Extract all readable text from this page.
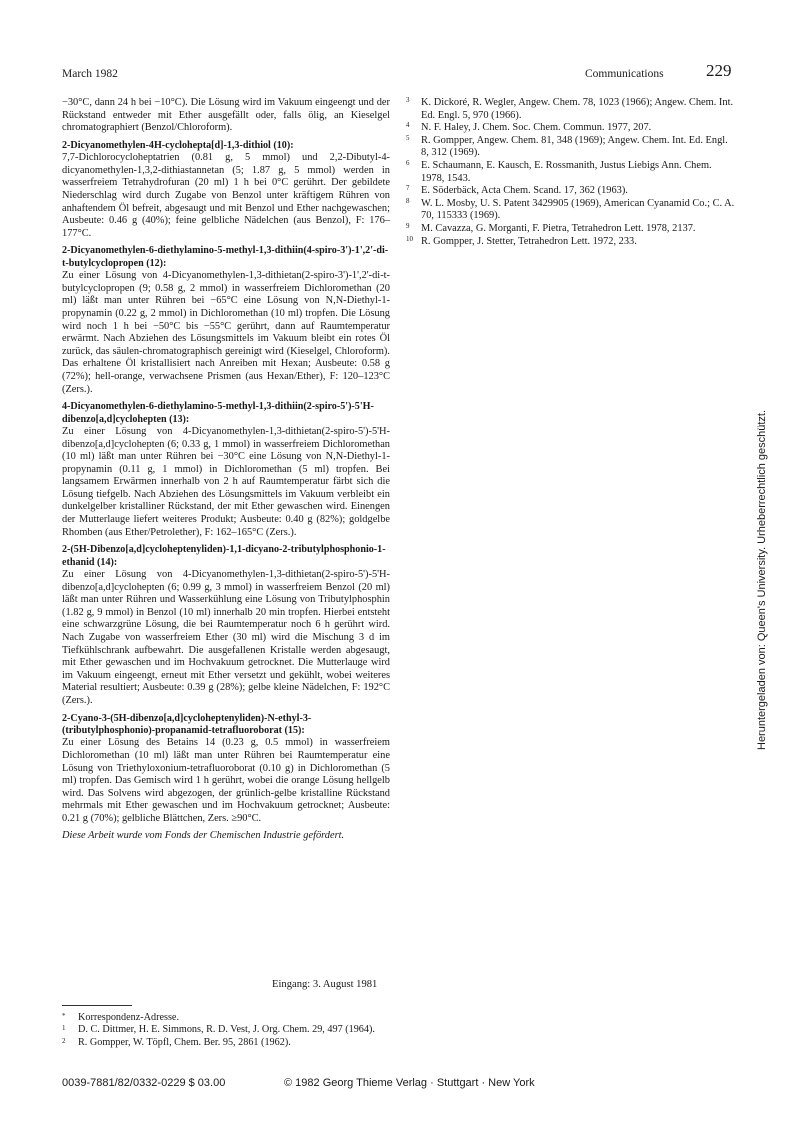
March 1982	Communications 229

−30°C, dann 24 h bei −10°C). Die Lösung wird im Vakuum eingeengt und der Rückstand entweder mit Ether ausgefällt oder, falls ölig, an Kieselgel chromatographiert (Benzol/Chloroform).

2-Dicyanomethylen-4H-cyclohepta[d]-1,3-dithiol (10):

7,7-Dichlorocycloheptatrien (0.81 g, 5 mmol) und 2,2-Dibutyl-4-dicyanomethylen-1,3,2-dithiastannetan (5; 1.87 g, 5 mmol) werden in wasserfreiem Tetrahydrofuran (20 ml) 1 h bei 0°C gerührt. Der gebildete Niederschlag wird durch Zugabe von Benzol unter kräftigem Rühren von anhaftendem Öl befreit, abgesaugt und mit Benzol und Ether nachgewaschen; Ausbeute: 0.46 g (40%); feine gelbliche Nädelchen (aus Benzol), F: 176–177°C.

2-Dicyanomethylen-6-diethylamino-5-methyl-1,3-dithiin(4-spiro-3')-1',2'-di-t-butylcyclopropen (12):

Zu einer Lösung von 4-Dicyanomethylen-1,3-dithietan(2-spiro-3')-1',2'-di-t-butylcyclopropen (9; 0.58 g, 2 mmol) in wasserfreiem Dichloromethan (20 ml) läßt man unter Rühren bei −65°C eine Lösung von N,N-Diethyl-1-propynamin (0.22 g, 2 mmol) in Dichloromethan (10 ml) tropfen. Die Lösung wird noch 1 h bei −50°C bis −55°C gerührt, dann auf Raumtemperatur erwärmt. Nach Abziehen des Lösungsmittels im Vakuum bleibt ein rotes Öl zurück, das säulen-chromatographisch gereinigt wird (Kieselgel, Chloroform). Das erhaltene Öl kristallisiert nach Anreiben mit Hexan; Ausbeute: 0.58 g (72%); hell-orange, verwachsene Prismen (aus Hexan/Ether), F: 120–123°C (Zers.).

4-Dicyanomethylen-6-diethylamino-5-methyl-1,3-dithiin(2-spiro-5')-5'H-dibenzo[a,d]cyclohepten (13):

Zu einer Lösung von 4-Dicyanomethylen-1,3-dithietan(2-spiro-5')-5'H-dibenzo[a,d]cyclohepten (6; 0.33 g, 1 mmol) in wasserfreiem Dichloromethan (10 ml) läßt man unter Rühren bei −30°C eine Lösung von N,N-Diethyl-1-propynamin (0.11 g, 1 mmol) in Dichloromethan (5 ml) tropfen. Bei langsamem Erwärmen innerhalb von 2 h auf Raumtemperatur färbt sich die Lösung tiefgelb. Nach Abziehen des Lösungsmittels im Vakuum verbleibt ein dunkelgelber kristalliner Rückstand, der mit Ether gewaschen wird. Einengen der Mutterlauge liefert weiteres Produkt; Ausbeute: 0.40 g (82%); goldgelbe Rhomben (aus Ether/Petrolether), F: 162–165°C (Zers.).

2-(5H-Dibenzo[a,d]cycloheptenyliden)-1,1-dicyano-2-tributylphosphonio-1-ethanid (14):

Zu einer Lösung von 4-Dicyanomethylen-1,3-dithietan(2-spiro-5')-5'H-dibenzo[a,d]cyclohepten (6; 0.99 g, 3 mmol) in wasserfreiem Benzol (20 ml) läßt man unter Rühren und Wasserkühlung eine Lösung von Tributylphosphin (1.82 g, 9 mmol) in Benzol (10 ml) innerhalb 20 min tropfen. Hierbei entsteht eine schwarzgrüne Lösung, die bei Raumtemperatur noch 6 h gerührt wird. Nach Zugabe von wasserfreiem Ether (30 ml) wird die Mischung 3 d im Tiefkühlschrank aufbewahrt. Die ausgefallenen Kristalle werden abgesaugt, mit Ether gewaschen und im Hochvakuum getrocknet. Die Mutterlauge wird im Vakuum eingeengt, erneut mit Ether versetzt und gekühlt, wobei weiteres Material resultiert; Ausbeute: 0.39 g (28%); gelbe kleine Nädelchen, F: 192°C (Zers.).

2-Cyano-3-(5H-dibenzo[a,d]cycloheptenyliden)-N-ethyl-3-(tributylphosphonio)-propanamid-tetrafluoroborat (15):

Zu einer Lösung des Betains 14 (0.23 g, 0.5 mmol) in wasserfreiem Dichloromethan (10 ml) läßt man unter Rühren bei Raumtemperatur eine Lösung von Triethyloxonium-tetrafluoroborat (0.10 g) in Dichloromethan (5 ml) tropfen. Das Gemisch wird 1 h gerührt, wobei die orange Lösung hellgelb wird. Das Solvens wird abgezogen, der grünlich-gelbe kristalline Rückstand mehrmals mit Ether gewaschen und im Hochvakuum getrocknet; Ausbeute: 0.21 g (70%); gelbliche Blättchen, Zers. ≥90°C.

Diese Arbeit wurde vom Fonds der Chemischen Industrie gefördert.

Eingang: 3. August 1981
* Korrespondenz-Adresse.
1 D. C. Dittmer, H. E. Simmons, R. D. Vest, J. Org. Chem. 29, 497 (1964).
2 R. Gompper, W. Töpfl, Chem. Ber. 95, 2861 (1962).
3 K. Dickoré, R. Wegler, Angew. Chem. 78, 1023 (1966); Angew. Chem. Int. Ed. Engl. 5, 970 (1966).
4 N. F. Haley, J. Chem. Soc. Chem. Commun. 1977, 207.
5 R. Gompper, Angew. Chem. 81, 348 (1969); Angew. Chem. Int. Ed. Engl. 8, 312 (1969).
6 E. Schaumann, E. Kausch, E. Rossmanith, Justus Liebigs Ann. Chem. 1978, 1543.
7 E. Söderbäck, Acta Chem. Scand. 17, 362 (1963).
8 W. L. Mosby, U. S. Patent 3429905 (1969), American Cyanamid Co.; C. A. 70, 115333 (1969).
9 M. Cavazza, G. Morganti, F. Pietra, Tetrahedron Lett. 1978, 2137.
10 R. Gompper, J. Stetter, Tetrahedron Lett. 1972, 233.
0039-7881/82/0332-0229 $ 03.00	© 1982 Georg Thieme Verlag · Stuttgart · New York
Heruntergeladen von: Queen's University. Urheberrechtlich geschützt.
